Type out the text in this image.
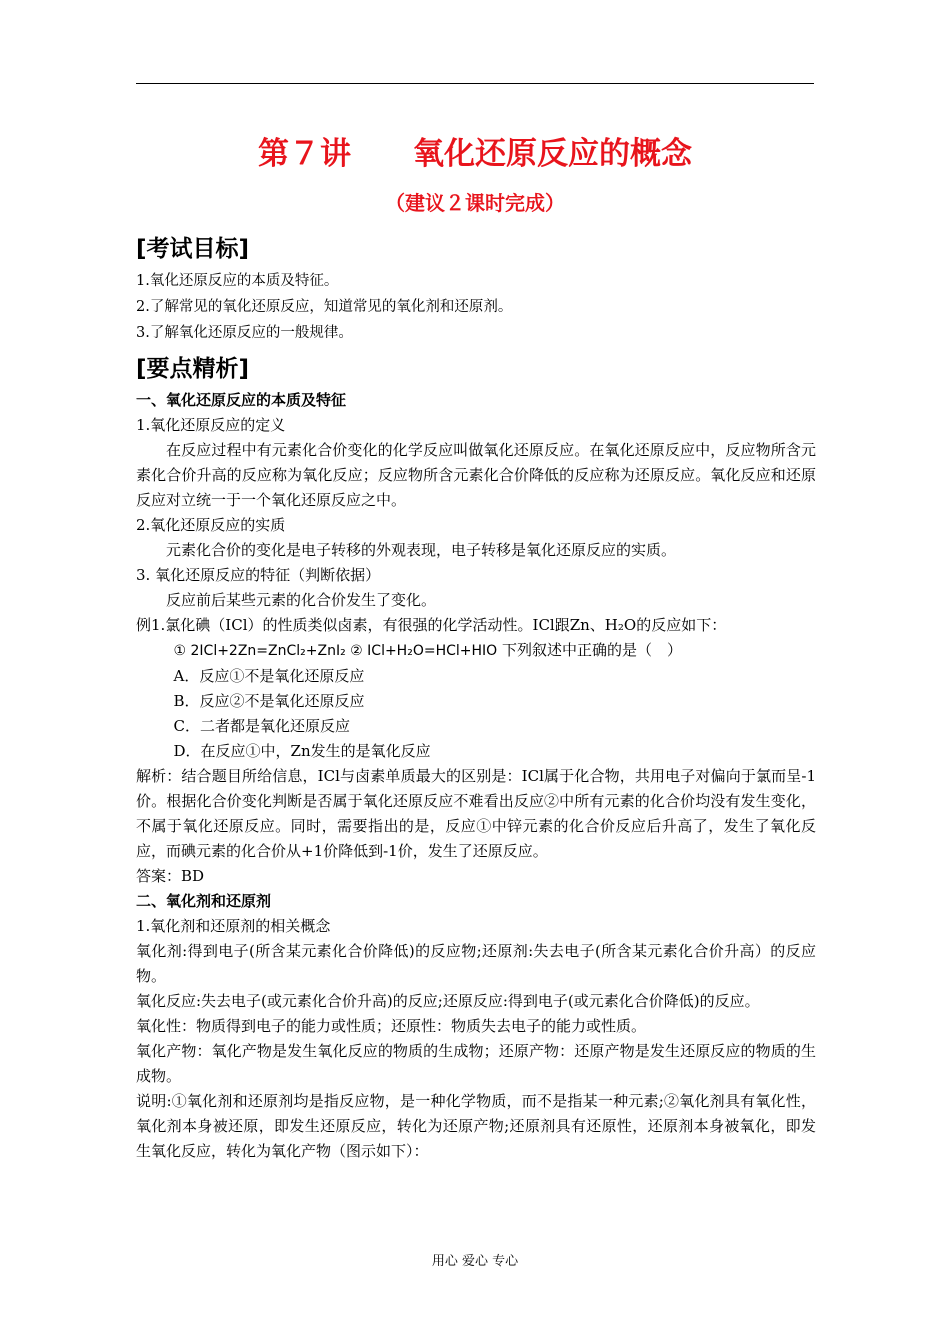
第７讲　　氧化还原反应的概念
（建议２课时完成）
[考试目标]
1.氧化还原反应的本质及特征。
2.了解常见的氧化还原反应，知道常见的氧化剂和还原剂。
3.了解氧化还原反应的一般规律。
[要点精析]
一、氧化还原反应的本质及特征
1.氧化还原反应的定义
在反应过程中有元素化合价变化的化学反应叫做氧化还原反应。在氧化还原反应中，反应物所含元素化合价升高的反应称为氧化反应；反应物所含元素化合价降低的反应称为还原反应。氧化反应和还原反应对立统一于一个氧化还原反应之中。
2.氧化还原反应的实质
元素化合价的变化是电子转移的外观表现，电子转移是氧化还原反应的实质。
3. 氧化还原反应的特征（判断依据）
反应前后某些元素的化合价发生了变化。
例1.氯化碘（ICl）的性质类似卤素，有很强的化学活动性。ICl跟Zn、H₂O的反应如下：
① 2ICl+2Zn=ZnCl₂+ZnI₂ ② ICl+H₂O=HCl+HIO 下列叙述中正确的是（　）
A．反应①不是氧化还原反应
B．反应②不是氧化还原反应
C．二者都是氧化还原反应
D．在反应①中，Zn发生的是氧化反应
解析：结合题目所给信息，ICl与卤素单质最大的区别是：ICl属于化合物，共用电子对偏向于氯而呈-1价。根据化合价变化判断是否属于氧化还原反应不难看出反应②中所有元素的化合价均没有发生变化，不属于氧化还原反应。同时，需要指出的是，反应①中锌元素的化合价反应后升高了，发生了氧化反应，而碘元素的化合价从+1价降低到-1价，发生了还原反应。
答案：BD
二、氧化剂和还原剂
1.氧化剂和还原剂的相关概念
氧化剂:得到电子(所含某元素化合价降低)的反应物;还原剂:失去电子(所含某元素化合价升高）的反应物。
氧化反应:失去电子(或元素化合价升高)的反应;还原反应:得到电子(或元素化合价降低)的反应。
氧化性：物质得到电子的能力或性质；还原性：物质失去电子的能力或性质。
氧化产物：氧化产物是发生氧化反应的物质的生成物；还原产物：还原产物是发生还原反应的物质的生成物。
说明:①氧化剂和还原剂均是指反应物，是一种化学物质，而不是指某一种元素;②氧化剂具有氧化性，氧化剂本身被还原，即发生还原反应，转化为还原产物;还原剂具有还原性，还原剂本身被氧化，即发生氧化反应，转化为氧化产物（图示如下）：
用心 爱心 专心
